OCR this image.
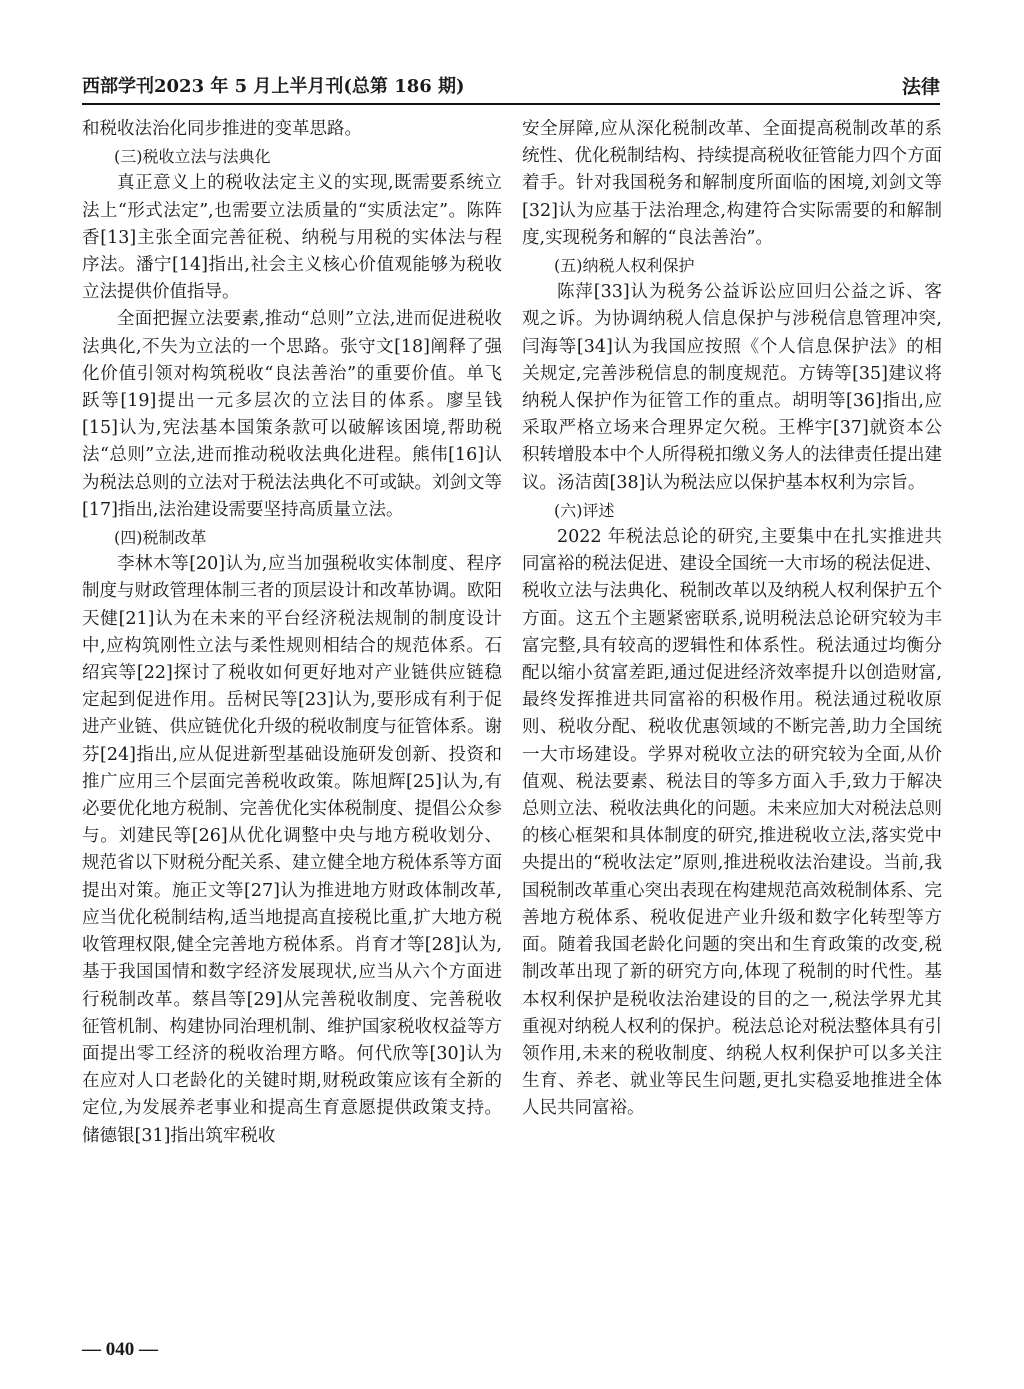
西部学刊2023 年 5 月上半月刊(总第 186 期)	法律

和税收法治化同步推进的变革思路。

(三)税收立法与法典化

真正意义上的税收法定主义的实现,既需要系统立法上“形式法定”,也需要立法质量的“实质法定”。陈阵香[13]主张全面完善征税、纳税与用税的实体法与程序法。潘宁[14]指出,社会主义核心价值观能够为税收立法提供价值指导。

全面把握立法要素,推动“总则”立法,进而促进税收法典化,不失为立法的一个思路。张守文[18]阐释了强化价值引领对构筑税收“良法善治”的重要价值。单飞跃等[19]提出一元多层次的立法目的体系。廖呈钱[15]认为,宪法基本国策条款可以破解该困境,帮助税法“总则”立法,进而推动税收法典化进程。熊伟[16]认为税法总则的立法对于税法法典化不可或缺。刘剑文等[17]指出,法治建设需要坚持高质量立法。

(四)税制改革

李林木等[20]认为,应当加强税收实体制度、程序制度与财政管理体制三者的顶层设计和改革协调。欧阳天健[21]认为在未来的平台经济税法规制的制度设计中,应构筑刚性立法与柔性规则相结合的规范体系。石绍宾等[22]探讨了税收如何更好地对产业链供应链稳定起到促进作用。岳树民等[23]认为,要形成有利于促进产业链、供应链优化升级的税收制度与征管体系。谢芬[24]指出,应从促进新型基础设施研发创新、投资和推广应用三个层面完善税收政策。陈旭辉[25]认为,有必要优化地方税制、完善优化实体税制度、提倡公众参与。刘建民等[26]从优化调整中央与地方税收划分、规范省以下财税分配关系、建立健全地方税体系等方面提出对策。施正文等[27]认为推进地方财政体制改革,应当优化税制结构,适当地提高直接税比重,扩大地方税收管理权限,健全完善地方税体系。肖育才等[28]认为,基于我国国情和数字经济发展现状,应当从六个方面进行税制改革。蔡昌等[29]从完善税收制度、完善税收征管机制、构建协同治理机制、维护国家税收权益等方面提出零工经济的税收治理方略。何代欣等[30]认为在应对人口老龄化的关键时期,财税政策应该有全新的定位,为发展养老事业和提高生育意愿提供政策支持。储德银[31]指出筑牢税收

安全屏障,应从深化税制改革、全面提高税制改革的系统性、优化税制结构、持续提高税收征管能力四个方面着手。针对我国税务和解制度所面临的困境,刘剑文等[32]认为应基于法治理念,构建符合实际需要的和解制度,实现税务和解的“良法善治”。

(五)纳税人权利保护

陈萍[33]认为税务公益诉讼应回归公益之诉、客观之诉。为协调纳税人信息保护与涉税信息管理冲突,闫海等[34]认为我国应按照《个人信息保护法》的相关规定,完善涉税信息的制度规范。方铸等[35]建议将纳税人保护作为征管工作的重点。胡明等[36]指出,应采取严格立场来合理界定欠税。王桦宇[37]就资本公积转增股本中个人所得税扣缴义务人的法律责任提出建议。汤洁茵[38]认为税法应以保护基本权利为宗旨。

(六)评述

2022 年税法总论的研究,主要集中在扎实推进共同富裕的税法促进、建设全国统一大市场的税法促进、税收立法与法典化、税制改革以及纳税人权利保护五个方面。这五个主题紧密联系,说明税法总论研究较为丰富完整,具有较高的逻辑性和体系性。税法通过均衡分配以缩小贫富差距,通过促进经济效率提升以创造财富,最终发挥推进共同富裕的积极作用。税法通过税收原则、税收分配、税收优惠领域的不断完善,助力全国统一大市场建设。学界对税收立法的研究较为全面,从价值观、税法要素、税法目的等多方面入手,致力于解决总则立法、税收法典化的问题。未来应加大对税法总则的核心框架和具体制度的研究,推进税收立法,落实党中央提出的“税收法定”原则,推进税收法治建设。当前,我国税制改革重心突出表现在构建规范高效税制体系、完善地方税体系、税收促进产业升级和数字化转型等方面。随着我国老龄化问题的突出和生育政策的改变,税制改革出现了新的研究方向,体现了税制的时代性。基本权利保护是税收法治建设的目的之一,税法学界尤其重视对纳税人权利的保护。税法总论对税法整体具有引领作用,未来的税收制度、纳税人权利保护可以多关注生育、养老、就业等民生问题,更扎实稳妥地推进全体人民共同富裕。

— 040 —
